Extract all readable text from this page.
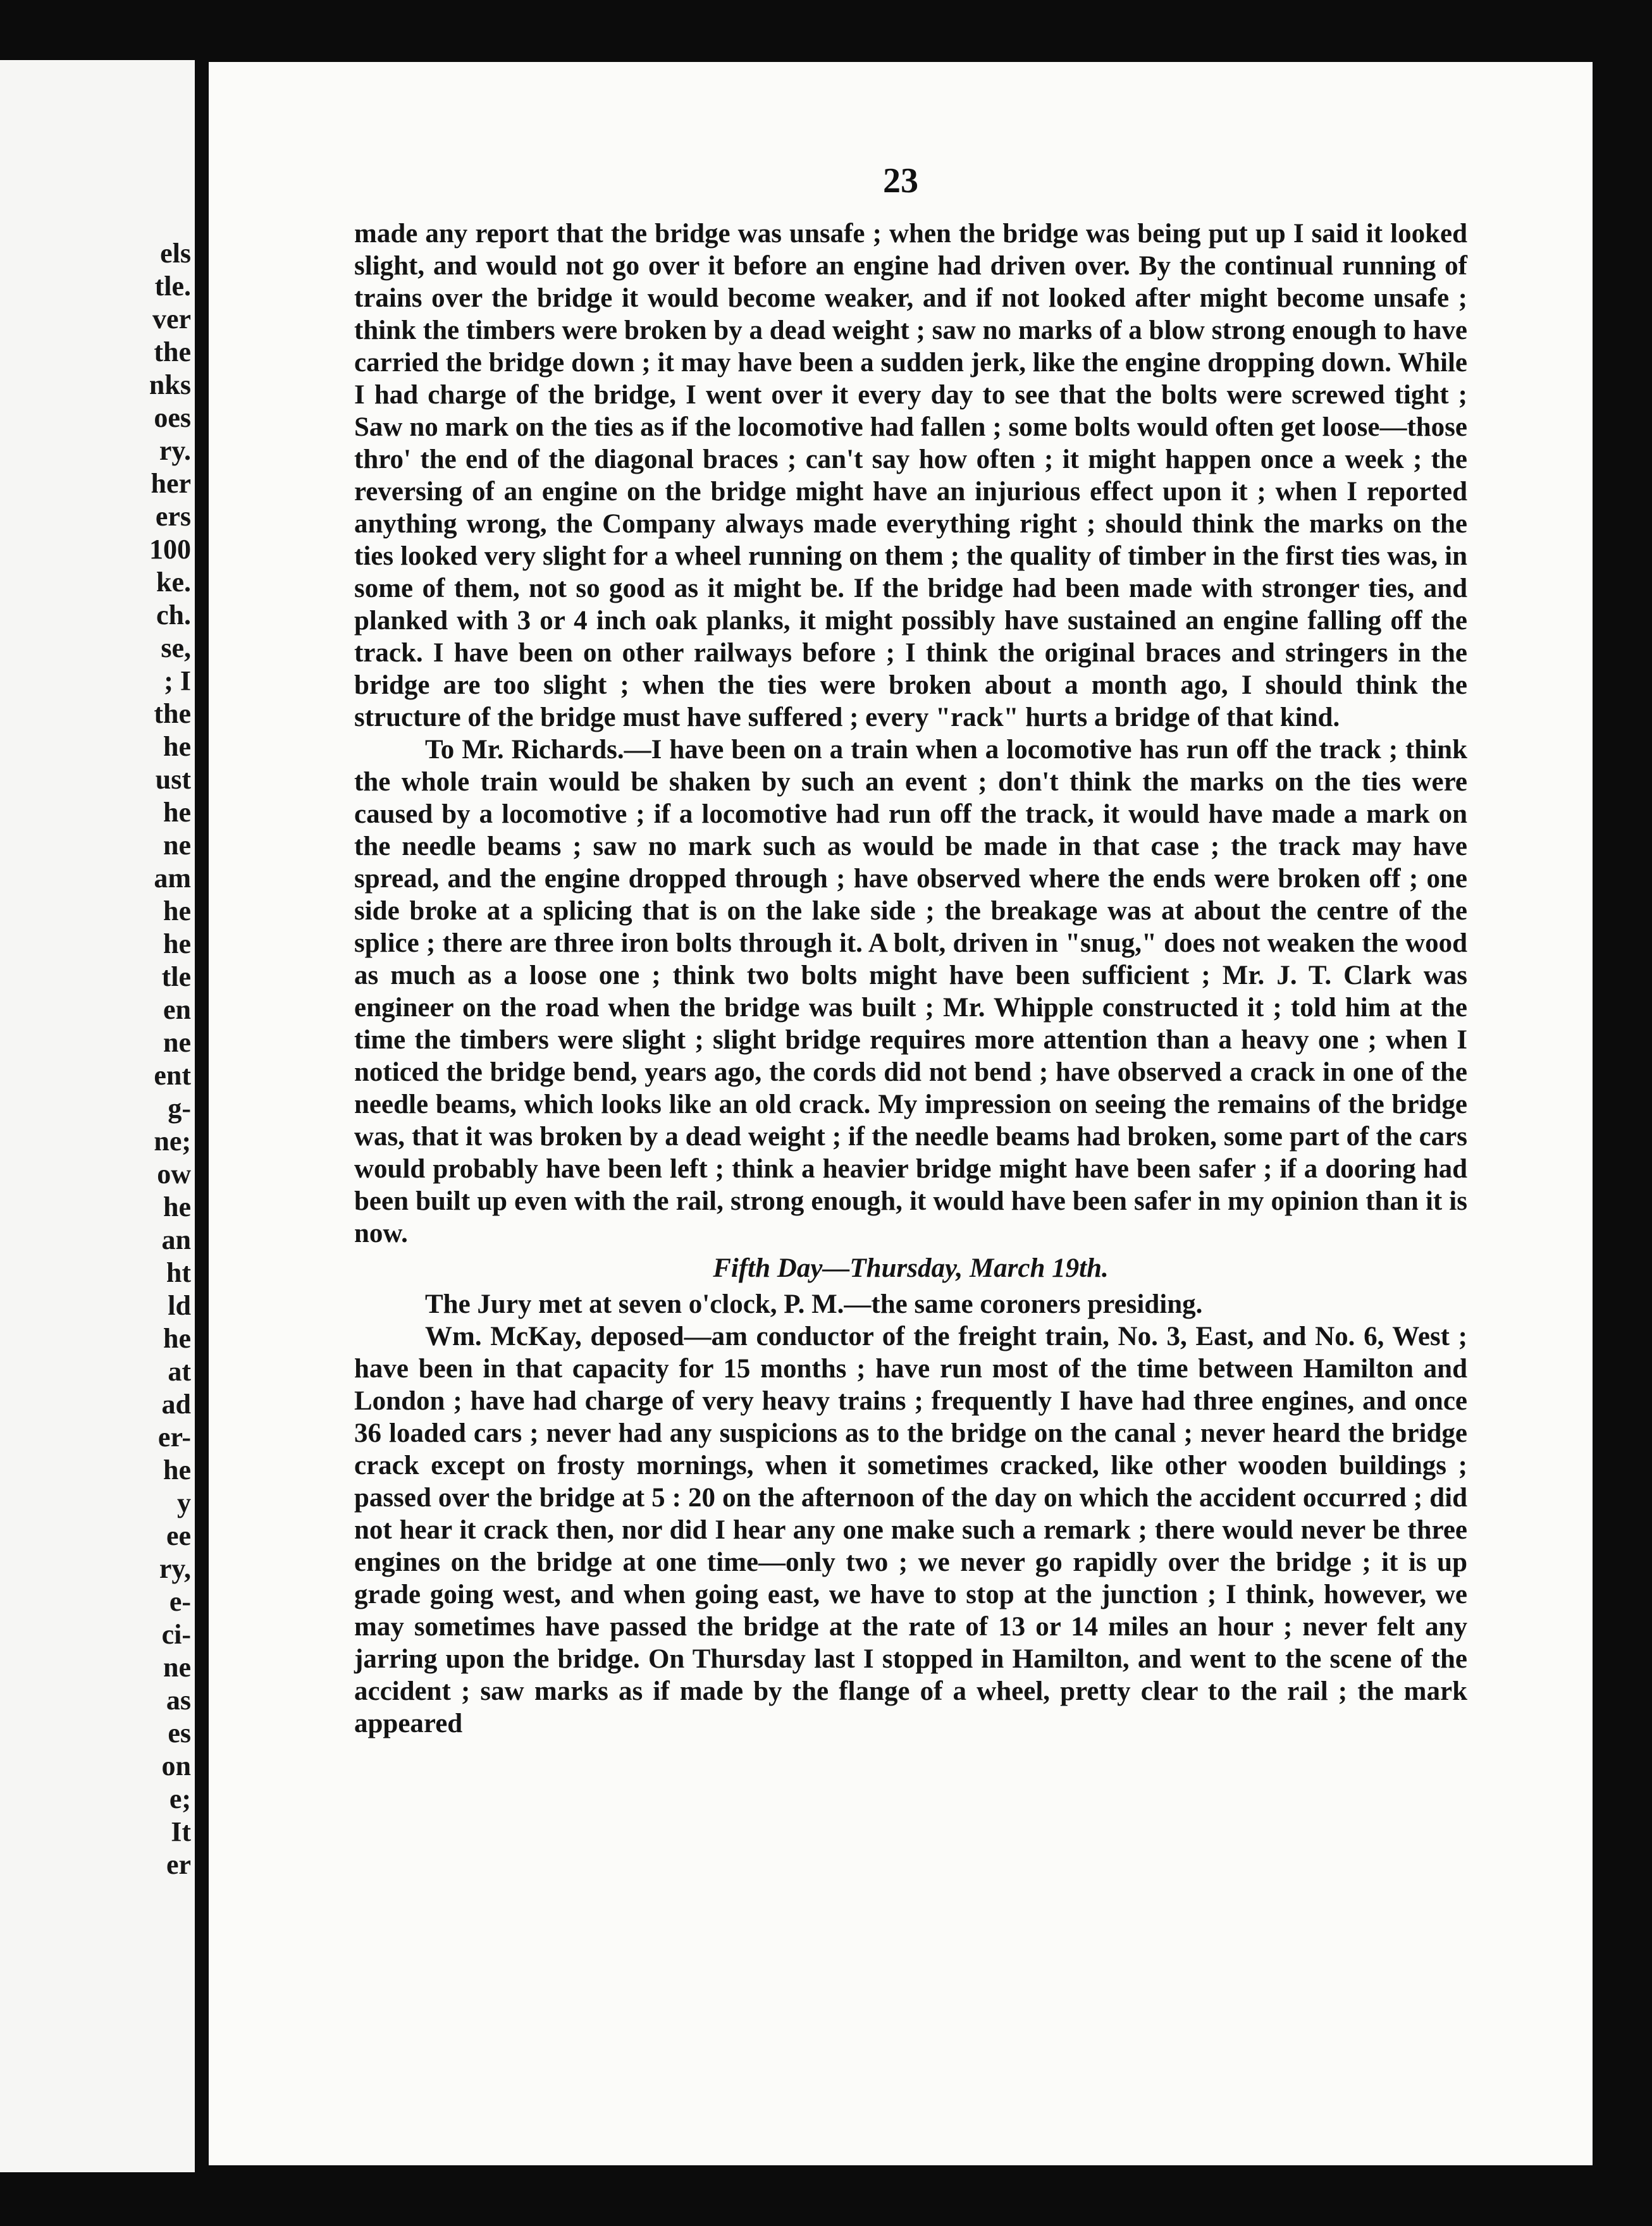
els
tle.
ver
the
nks
oes
ry.
her
ers
100
ke.
ch.
se,
; I
the
he
ust
he
ne
am
he
he
tle
en
ne
ent
g-
ne;
ow
he
an
ht
ld
he
at
ad
er-
he
y
ee
ry,
e-
ci-
ne
as
es
on
e;
It
er
23

made any report that the bridge was unsafe ; when the bridge was being put up I said it looked slight, and would not go over it before an engine had driven over. By the continual running of trains over the bridge it would become weaker, and if not looked after might become unsafe ; think the timbers were broken by a dead weight ; saw no marks of a blow strong enough to have carried the bridge down ; it may have been a sudden jerk, like the engine dropping down. While I had charge of the bridge, I went over it every day to see that the bolts were screwed tight ; Saw no mark on the ties as if the locomotive had fallen ; some bolts would often get loose—those thro' the end of the diagonal braces ; can't say how often ; it might happen once a week ; the reversing of an engine on the bridge might have an injurious effect upon it ; when I reported anything wrong, the Company always made everything right ; should think the marks on the ties looked very slight for a wheel running on them ; the quality of timber in the first ties was, in some of them, not so good as it might be. If the bridge had been made with stronger ties, and planked with 3 or 4 inch oak planks, it might possibly have sustained an engine falling off the track. I have been on other railways before ; I think the original braces and stringers in the bridge are too slight ; when the ties were broken about a month ago, I should think the structure of the bridge must have suffered ; every "rack" hurts a bridge of that kind.

To Mr. Richards.—I have been on a train when a locomotive has run off the track ; think the whole train would be shaken by such an event ; don't think the marks on the ties were caused by a locomotive ; if a locomotive had run off the track, it would have made a mark on the needle beams ; saw no mark such as would be made in that case ; the track may have spread, and the engine dropped through ; have observed where the ends were broken off ; one side broke at a splicing that is on the lake side ; the breakage was at about the centre of the splice ; there are three iron bolts through it. A bolt, driven in "snug," does not weaken the wood as much as a loose one ; think two bolts might have been sufficient ; Mr. J. T. Clark was engineer on the road when the bridge was built ; Mr. Whipple constructed it ; told him at the time the timbers were slight ; slight bridge requires more attention than a heavy one ; when I noticed the bridge bend, years ago, the cords did not bend ; have observed a crack in one of the needle beams, which looks like an old crack. My impression on seeing the remains of the bridge was, that it was broken by a dead weight ; if the needle beams had broken, some part of the cars would probably have been left ; think a heavier bridge might have been safer ; if a dooring had been built up even with the rail, strong enough, it would have been safer in my opinion than it is now.

Fifth Day—Thursday, March 19th.

The Jury met at seven o'clock, P. M.—the same coroners presiding.

Wm. McKay, deposed—am conductor of the freight train, No. 3, East, and No. 6, West ; have been in that capacity for 15 months ; have run most of the time between Hamilton and London ; have had charge of very heavy trains ; frequently I have had three engines, and once 36 loaded cars ; never had any suspicions as to the bridge on the canal ; never heard the bridge crack except on frosty mornings, when it sometimes cracked, like other wooden buildings ; passed over the bridge at 5 : 20 on the afternoon of the day on which the accident occurred ; did not hear it crack then, nor did I hear any one make such a remark ; there would never be three engines on the bridge at one time—only two ; we never go rapidly over the bridge ; it is up grade going west, and when going east, we have to stop at the junction ; I think, however, we may sometimes have passed the bridge at the rate of 13 or 14 miles an hour ; never felt any jarring upon the bridge. On Thursday last I stopped in Hamilton, and went to the scene of the accident ; saw marks as if made by the flange of a wheel, pretty clear to the rail ; the mark appeared
